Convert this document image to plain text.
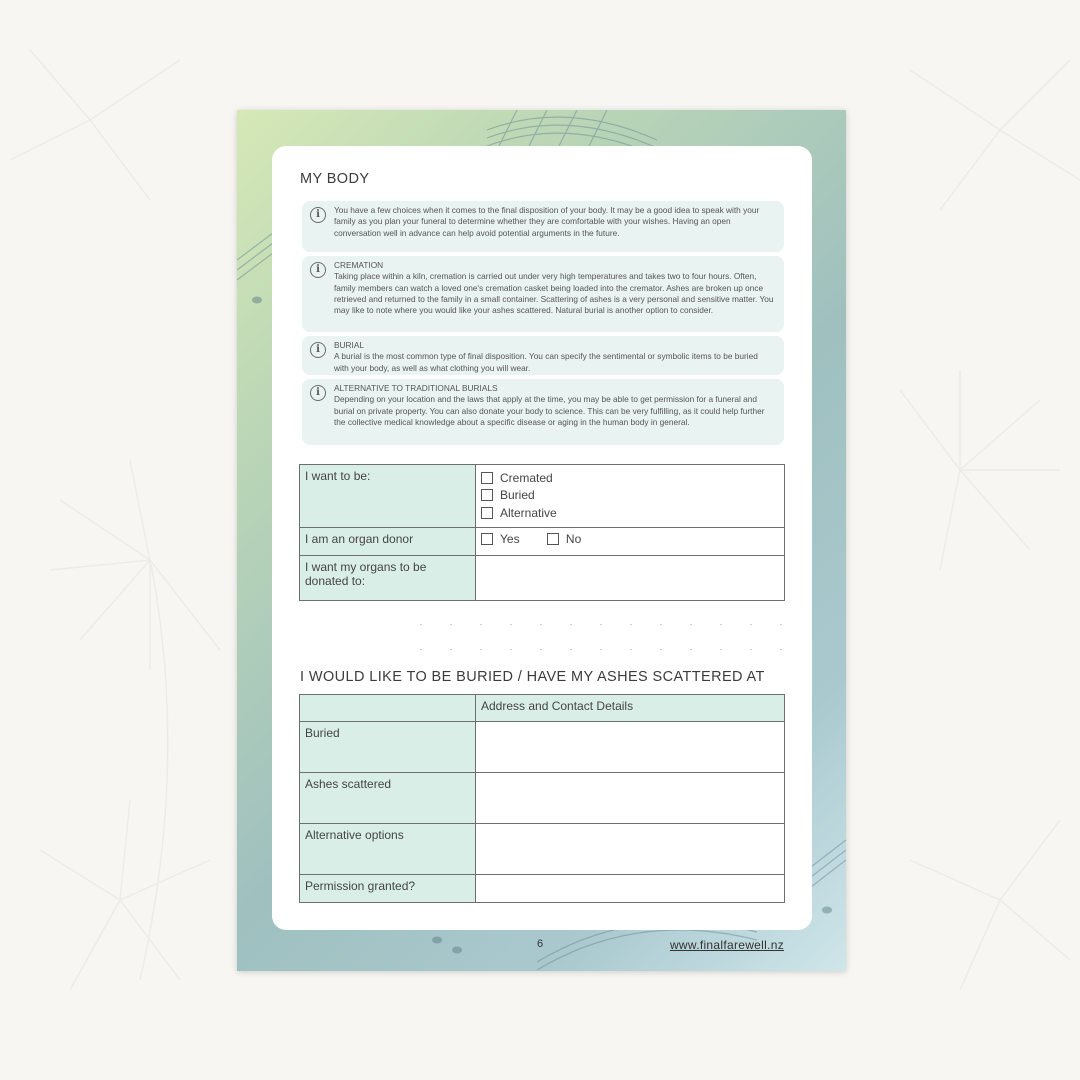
MY BODY
i	You have a few choices when it comes to the final disposition of your body. It may be a good idea to speak with your family as you plan your funeral to determine whether they are comfortable with your wishes. Having an open conversation well in advance can help avoid potential arguments in the future.
i	CREMATION
Taking place within a kiln, cremation is carried out under very high temperatures and takes two to four hours. Often, family members can watch a loved one's cremation casket being loaded into the cremator. Ashes are broken up once retrieved and returned to the family in a small container. Scattering of ashes is a very personal and sensitive matter. You may like to note where you would like your ashes scattered. Natural burial is another option to consider.
i	BURIAL
A burial is the most common type of final disposition. You can specify the sentimental or symbolic items to be buried with your body, as well as what clothing you will wear.
i	ALTERNATIVE TO TRADITIONAL BURIALS
Depending on your location and the laws that apply at the time, you may be able to get permission for a funeral and burial on private property. You can also donate your body to science. This can be very fulfilling, as it could help further the collective medical knowledge about a specific disease or aging in the human body in general.
I want to be:	Cremated
Buried
Alternative

I am an organ donor	Yes
No

I want my organs to be donated to:	
I WOULD LIKE TO BE BURIED / HAVE MY ASHES SCATTERED AT
	Address and Contact Details
Buried	
Ashes scattered	
Alternative options	
Permission granted?	
6	www.finalfarewell.nz
